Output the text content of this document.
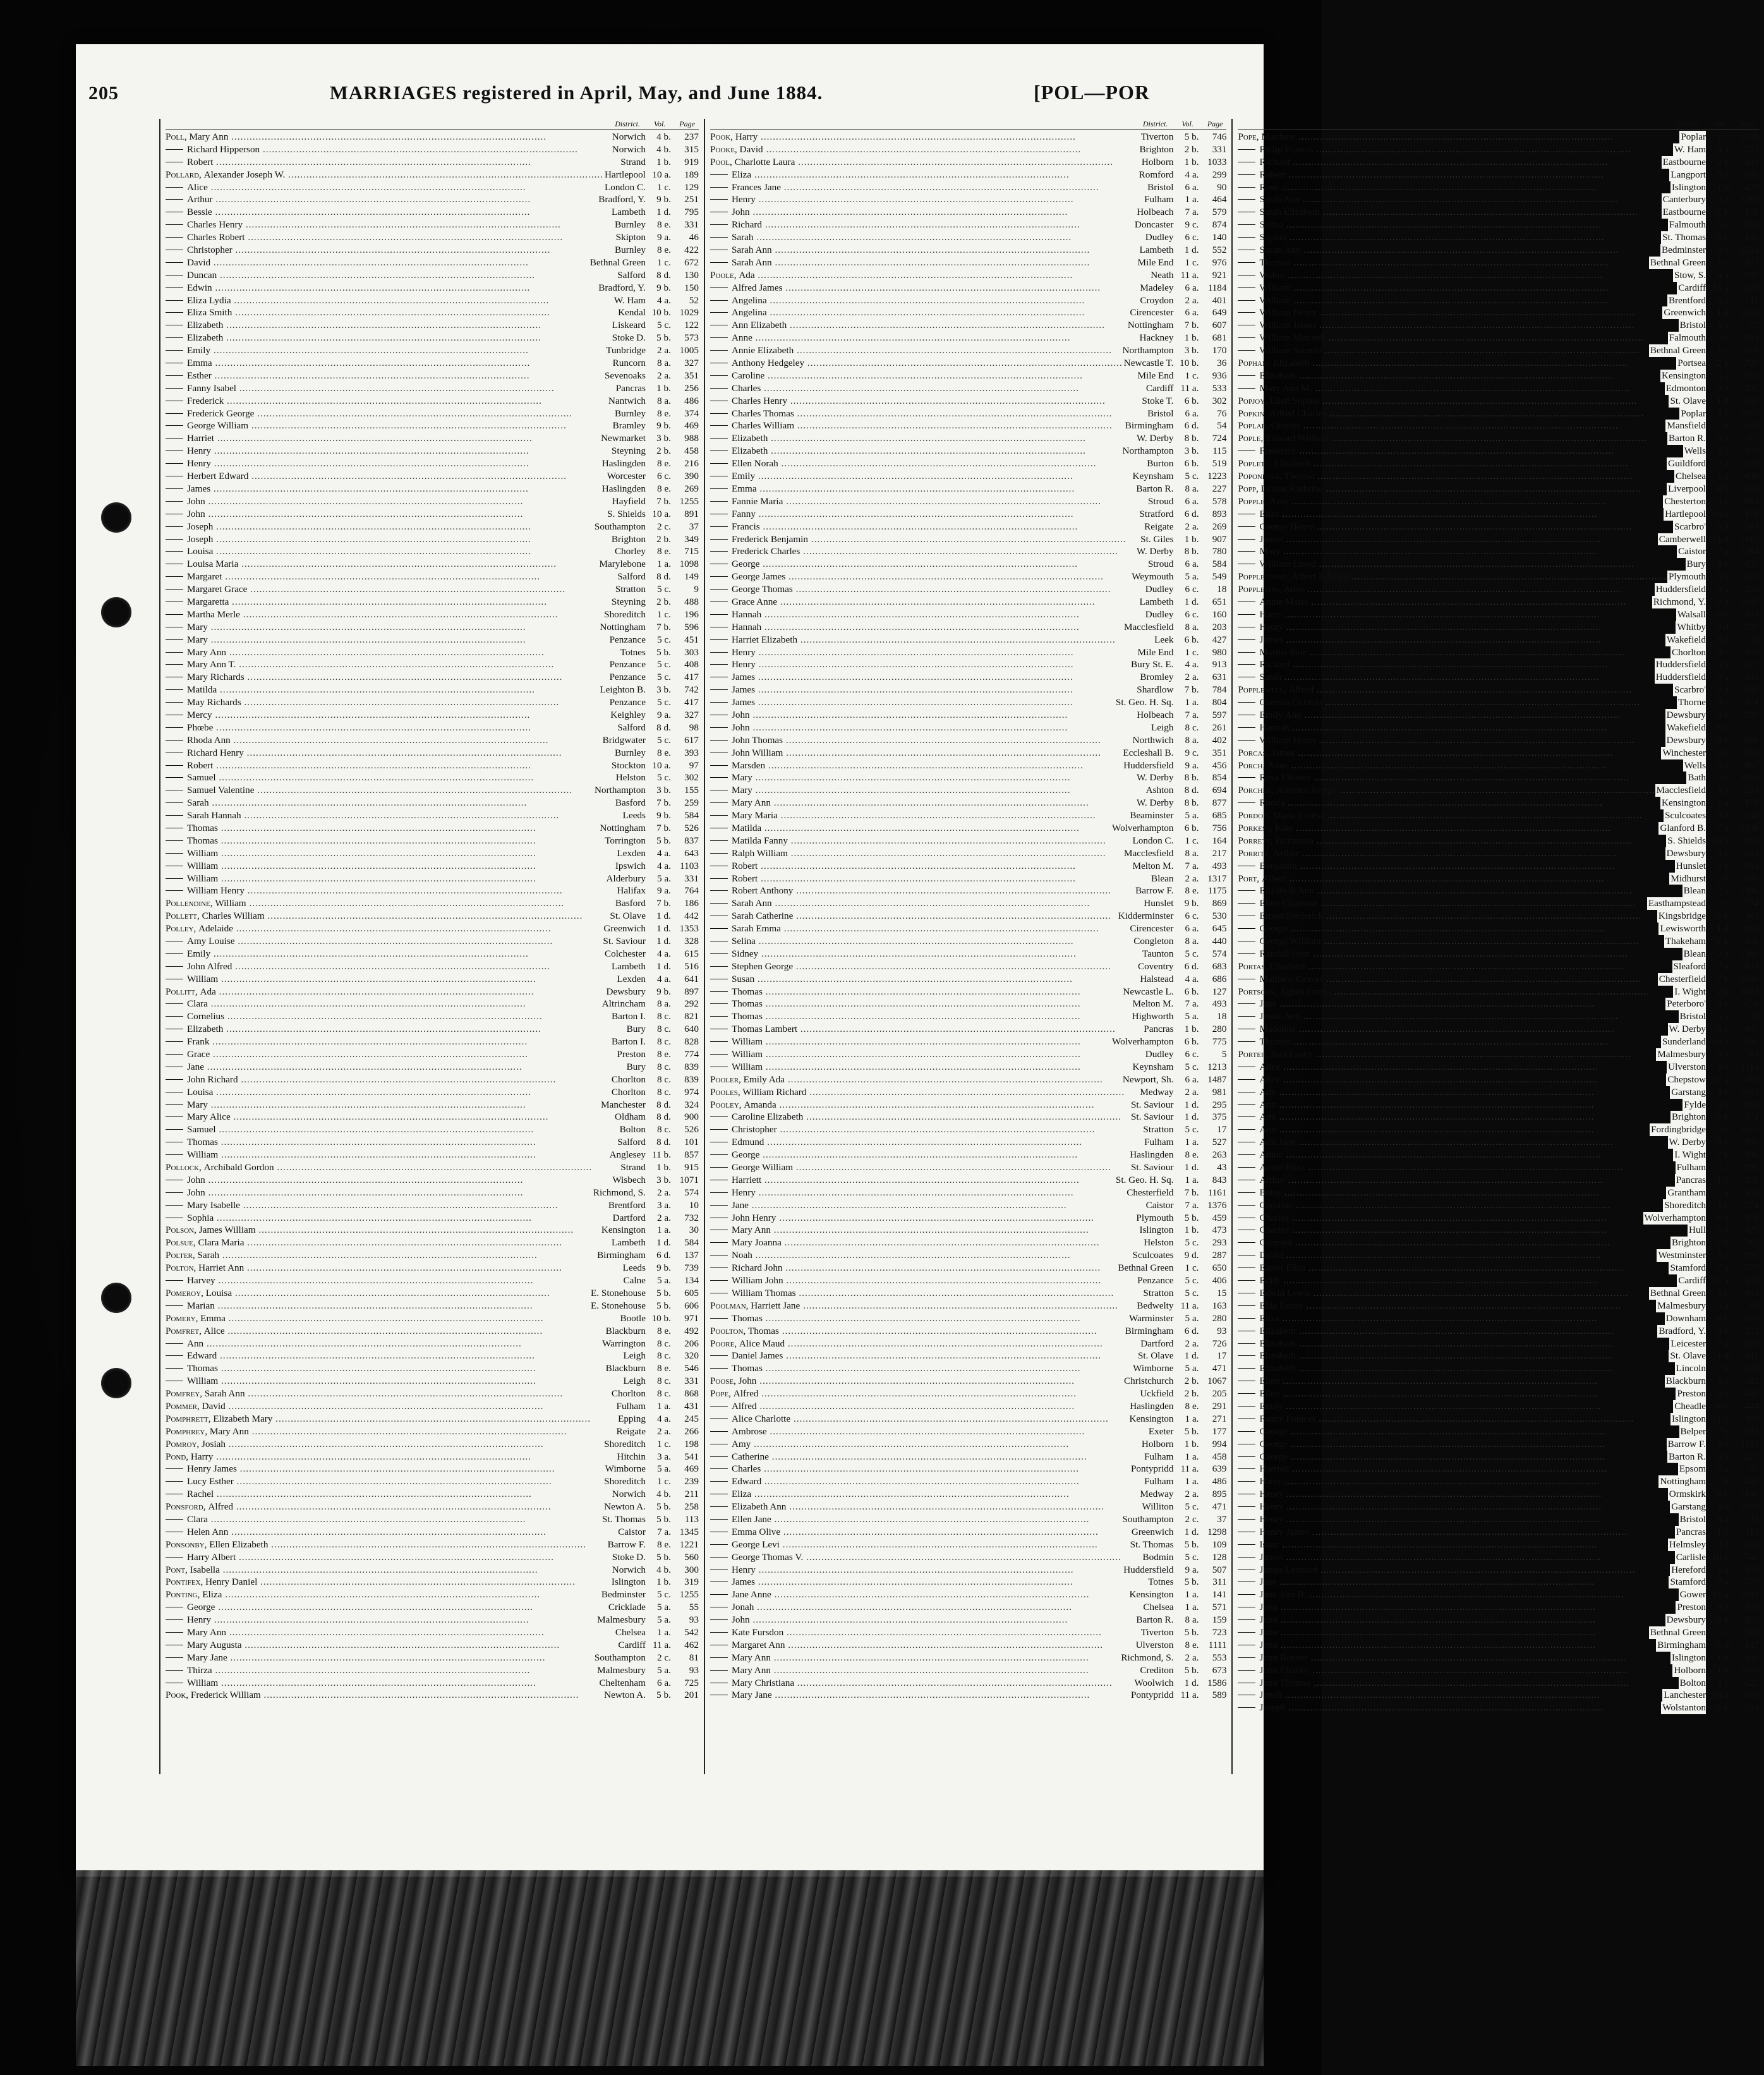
205	MARRIAGES registered in April, May, and June 1884.	[POL—POR
District. Vol. Page
Poll, Mary Ann .....	Norwich	4 b.	237
Richard Hipperson .....	Norwich	4 b.	315
Robert .....	Strand	1 b.	919
Pollard, Alexander Joseph W. .....	Hartlepool 10 a.	189
Alice .....	London C.	1 c.	129
Arthur .....	Bradford, Y.	9 b.	251
Bessie .....	Lambeth	1 d.	795
Charles Henry .....	Burnley	8 e.	331
Charles Robert .....	Skipton	9 a.	46
Christopher .....	Burnley	8 e.	422
David .....	Bethnal Green	1 c.	672
Duncan .....	Salford	8 d.	130
Edwin .....	Bradford, Y.	9 b.	150
Eliza Lydia .....	W. Ham	4 a.	52
Eliza Smith .....	Kendal 10 b. 1029
Elizabeth .....	Liskeard	5 c.	122
Elizabeth .....	Stoke D.	5 b.	573
Emily .....	Tunbridge	2 a. 1005
Emma .....	Runcorn	8 a.	327
Esther .....	Sevenoaks	2 a.	351
Fanny Isabel .....	Pancras	1 b.	256
Frederick .....	Nantwich	8 a.	486
Frederick George .....	Burnley	8 e.	374
George William .....	Bramley	9 b.	469
Harriet .....	Newmarket	3 b.	988
Henry .....	Steyning	2 b.	458
Henry .....	Haslingden	8 e.	216
Herbert Edward .....	Worcester	6 c.	390
James .....	Haslingden	8 e.	269
John .....	Hayfield	7 b. 1255
John .....	S. Shields 10 a.	891
Joseph .....	Southampton	2 c.	37
Joseph .....	Brighton	2 b.	349
Louisa .....	Chorley	8 e.	715
Louisa Maria .....	Marylebone	1 a. 1098
Margaret .....	Salford	8 d.	149
Margaret Grace .....	Stratton	5 c.	9
Margaretta .....	Steyning	2 b.	488
Martha Merle .....	Shoreditch	1 c.	196
Mary .....	Nottingham	7 b.	596
Mary .....	Penzance	5 c.	451
Mary Ann .....	Totnes	5 b.	303
Mary Ann T. .....	Penzance	5 c.	408
Mary Richards .....	Penzance	5 c.	417
Matilda .....	Leighton B.	3 b.	742
May Richards .....	Penzance	5 c.	417
Mercy .....	Keighley	9 a.	327
Phœbe .....	Salford	8 d.	98
Rhoda Ann .....	Bridgwater	5 c.	617
Richard Henry .....	Burnley	8 e.	393
Robert .....	Stockton 10 a.	97
Samuel .....	Helston	5 c.	302
Samuel Valentine .....	Northampton	3 b.	155
Sarah .....	Basford	7 b.	259
Sarah Hannah .....	Leeds	9 b.	584
Thomas .....	Nottingham	7 b.	526
Thomas .....	Torrington	5 b.	837
William .....	Lexden	4 a.	643
William .....	Ipswich	4 a. 1103
William .....	Alderbury	5 a.	331
William Henry .....	Halifax	9 a.	764
Pollendine, William .....	Basford	7 b.	186
Pollett, Charles William .....	St. Olave	1 d.	442
Polley, Adelaide .....	Greenwich	1 d. 1353
Amy Louise .....	St. Saviour	1 d.	328
Emily .....	Colchester	4 a.	615
John Alfred .....	Lambeth	1 d.	516
William .....	Lexden	4 a.	641
Pollitt, Ada .....	Dewsbury	9 b.	897
Clara .....	Altrincham	8 a.	292
Cornelius .....	Barton I.	8 c.	821
Elizabeth .....	Bury	8 c.	640
Frank .....	Barton I.	8 c.	828
Grace .....	Preston	8 e.	774
Jane .....	Bury	8 c.	839
John Richard .....	Chorlton	8 c.	839
Louisa .....	Chorlton	8 c.	974
Mary .....	Manchester	8 d.	324
Mary Alice .....	Oldham	8 d.	900
Samuel .....	Bolton	8 c.	526
Thomas .....	Salford	8 d.	101
William .....	Anglesey 11 b.	857
Pollock, Archibald Gordon .....	Strand	1 b.	915
John .....	Wisbech	3 b. 1071
John .....	Richmond, S.	2 a.	574
Mary Isabelle .....	Brentford	3 a.	10
Sophia .....	Dartford	2 a.	732
Polson, James William .....	Kensington	1 a.	30
Polsue, Clara Maria .....	Lambeth	1 d.	584
Polter, Sarah .....	Birmingham	6 d.	137
Polton, Harriet Ann .....	Leeds	9 b.	739
Harvey .....	Calne	5 a.	134
Pomeroy, Louisa .....	E. Stonehouse	5 b.	605
Marian .....	E. Stonehouse	5 b.	606
Pomery, Emma .....	Bootle 10 b.	971
Pomfret, Alice .....	Blackburn	8 e.	492
Ann .....	Warrington	8 c.	206
Edward .....	Leigh	8 c.	320
Thomas .....	Blackburn	8 e.	546
William .....	Leigh	8 c.	331
Pomfrey, Sarah Ann .....	Chorlton	8 c.	868
Pommer, David .....	Fulham	1 a.	431
Pomphrett, Elizabeth Mary .....	Epping	4 a.	245
Pomphrey, Mary Ann .....	Reigate	2 a.	266
Pomroy, Josiah .....	Shoreditch	1 c.	198
Pond, Harry .....	Hitchin	3 a.	541
Henry James .....	Wimborne	5 a.	469
Lucy Esther .....	Shoreditch	1 c.	239
Rachel .....	Norwich	4 b.	211
Ponsford, Alfred .....	Newton A.	5 b.	258
Clara .....	St. Thomas	5 b.	113
Helen Ann .....	Caistor	7 a. 1345
Ponsonby, Ellen Elizabeth .....	Barrow F.	8 e. 1221
Harry Albert .....	Stoke D.	5 b.	560
Pont, Isabella .....	Norwich	4 b.	300
Pontifex, Henry Daniel .....	Islington	1 b.	319
Ponting, Eliza .....	Bedminster	5 c. 1255
George .....	Cricklade	5 a.	55
Henry .....	Malmesbury	5 a.	93
Mary Ann .....	Chelsea	1 a.	542
Mary Augusta .....	Cardiff 11 a.	462
Mary Jane .....	Southampton	2 c.	81
Thirza .....	Malmesbury	5 a.	93
William .....	Cheltenham	6 a.	725
Pook, Frederick William .....	Newton A.	5 b.	201
District. Vol. Page
Pook, Harry .....	Tiverton	5 b.	746
Pooke, David .....	Brighton	2 b.	331
Pool, Charlotte Laura .....	Holborn	1 b. 1033
Eliza .....	Romford	4 a.	299
Frances Jane .....	Bristol	6 a.	90
Henry .....	Fulham	1 a.	464
John .....	Holbeach	7 a.	579
Richard .....	Doncaster	9 c.	874
Sarah .....	Dudley	6 c.	140
Sarah Ann .....	Lambeth	1 d.	552
Sarah Ann .....	Mile End	1 c.	976
Poole, Ada .....	Neath 11 a.	921
Alfred James .....	Madeley	6 a. 1184
Angelina .....	Croydon	2 a.	401
Angelina .....	Cirencester	6 a.	649
Ann Elizabeth .....	Nottingham	7 b.	607
Anne .....	Hackney	1 b.	681
Annie Elizabeth .....	Northampton	3 b.	170
Anthony Hedgeley .....	Newcastle T. 10 b.	36
Caroline .....	Mile End	1 c.	936
Charles .....	Cardiff 11 a.	533
Charles Henry .....	Stoke T.	6 b.	302
Charles Thomas .....	Bristol	6 a.	76
Charles William .....	Birmingham	6 d.	54
Elizabeth .....	W. Derby	8 b.	724
Elizabeth .....	Northampton	3 b.	115
Ellen Norah .....	Burton	6 b.	519
Emily .....	Keynsham	5 c. 1223
Emma .....	Barton R.	8 a.	227
Fannie Maria .....	Stroud	6 a.	578
Fanny .....	Stratford	6 d.	893
Francis .....	Reigate	2 a.	269
Frederick Benjamin .....	St. Giles	1 b.	907
Frederick Charles .....	W. Derby	8 b.	780
George .....	Stroud	6 a.	584
George James .....	Weymouth	5 a.	549
George Thomas .....	Dudley	6 c.	18
Grace Anne .....	Lambeth	1 d.	651
Hannah .....	Dudley	6 c.	160
Hannah .....	Macclesfield	8 a.	203
Harriet Elizabeth .....	Leek	6 b.	427
Henry .....	Mile End	1 c.	980
Henry .....	Bury St. E.	4 a.	913
James .....	Bromley	2 a.	631
James .....	Shardlow	7 b.	784
James .....	St. Geo. H. Sq.	1 a.	804
John .....	Holbeach	7 a.	597
John .....	Leigh	8 c.	261
John Thomas .....	Northwich	8 a.	402
John William .....	Eccleshall B.	9 c.	351
Marsden .....	Huddersfield	9 a.	456
Mary .....	W. Derby	8 b.	854
Mary .....	Ashton	8 d.	694
Mary Ann .....	W. Derby	8 b.	877
Mary Maria .....	Beaminster	5 a.	685
Matilda .....	Wolverhampton	6 b.	756
Matilda Fanny .....	London C.	1 c.	164
Ralph William .....	Macclesfield	8 a.	217
Robert .....	Melton M.	7 a.	493
Robert .....	Blean	2 a. 1317
Robert Anthony .....	Barrow F.	8 e. 1175
Sarah Ann .....	Hunslet	9 b.	869
Sarah Catherine .....	Kidderminster	6 c.	530
Sarah Emma .....	Cirencester	6 a.	645
Selina .....	Congleton	8 a.	440
Sidney .....	Taunton	5 c.	574
Stephen George .....	Coventry	6 d.	683
Susan .....	Halstead	4 a.	686
Thomas .....	Newcastle L.	6 b.	127
Thomas .....	Melton M.	7 a.	493
Thomas .....	Highworth	5 a.	18
Thomas Lambert .....	Pancras	1 b.	280
William .....	Wolverhampton	6 b.	775
William .....	Dudley	6 c.	5
William .....	Keynsham	5 c. 1213
Pooler, Emily Ada .....	Newport, Sh.	6 a. 1487
Pooles, William Richard .....	Medway	2 a.	981
Pooley, Amanda .....	St. Saviour	1 d.	295
Caroline Elizabeth .....	St. Saviour	1 d.	375
Christopher .....	Stratton	5 c.	17
Edmund .....	Fulham	1 a.	527
George .....	Haslingden	8 e.	263
George William .....	St. Saviour	1 d.	43
Harriett .....	St. Geo. H. Sq.	1 a.	843
Henry .....	Chesterfield	7 b. 1161
Jane .....	Caistor	7 a. 1376
John Henry .....	Plymouth	5 b.	459
Mary Ann .....	Islington	1 b.	473
Mary Joanna .....	Helston	5 c.	293
Noah .....	Sculcoates	9 d.	287
Richard John .....	Bethnal Green	1 c.	650
William John .....	Penzance	5 c.	406
William Thomas .....	Stratton	5 c.	15
Poolman, Harriett Jane .....	Bedwelty 11 a.	163
Thomas .....	Warminster	5 a.	280
Poolton, Thomas .....	Birmingham	6 d.	93
Poore, Alice Maud .....	Dartford	2 a.	726
Daniel James .....	St. Olave	1 d.	17
Thomas .....	Wimborne	5 a.	471
Poose, John .....	Christchurch	2 b. 1067
Pope, Alfred .....	Uckfield	2 b.	205
Alfred .....	Haslingden	8 e.	291
Alice Charlotte .....	Kensington	1 a.	271
Ambrose .....	Exeter	5 b.	177
Amy .....	Holborn	1 b.	994
Catherine .....	Fulham	1 a.	458
Charles .....	Pontypridd 11 a.	639
Edward .....	Fulham	1 a.	486
Eliza .....	Medway	2 a.	895
Elizabeth Ann .....	Williton	5 c.	471
Ellen Jane .....	Southampton	2 c.	37
Emma Olive .....	Greenwich	1 d. 1298
George Levi .....	St. Thomas	5 b.	109
George Thomas V. .....	Bodmin	5 c.	128
Henry .....	Huddersfield	9 a.	507
James .....	Totnes	5 b.	311
Jane Anne .....	Kensington	1 a.	141
Jonah .....	Chelsea	1 a.	571
John .....	Barton R.	8 a.	159
Kate Fursdon .....	Tiverton	5 b.	723
Margaret Ann .....	Ulverston	8 e.	1111
Mary Ann .....	Richmond, S.	2 a.	553
Mary Ann .....	Crediton	5 b.	673
Mary Christiana .....	Woolwich	1 d. 1586
Mary Jane .....	Pontypridd 11 a.	589
District. Vol. Page
Pope, Matthew .....	Poplar	1 c. 1176
Philip Francis .....	W. Ham	4 a.	223
Richard .....	Eastbourne	2 b.	131
Robert .....	Langport	5 c.	695
Rose .....	Islington	1 b.	472
Sarah Ann .....	Canterbury	2 a. 1299
Sarah Elizabeth .....	Eastbourne	2 b.	135
Selina .....	Falmouth	5 c.	263
Sophia .....	St. Thomas	5 b.	135
Susan Ann .....	Bedminster	5 c. 1254
Thomas .....	Bethnal Green	1 c.	323
Walter .....	Stow, S.	4 a.	957
William .....	Cardiff 11 a.	416
William .....	Brentford	3 a.	111
William Henry .....	Greenwich	1 d. 1318
William James .....	Bristol	6 a.	77
William Mitchell .....	Falmouth	5 c.	281
William Samuel .....	Bethnal Green	1 c.	378
Popham, Elizabeth .....	Portsea	2 b.	720
Elizabeth .....	Kensington	1 a.	161
Mary Ann M. .....	Edmonton	3 a.	297
Popjoy, Ellen Sophia .....	St. Olave	1 d.	469
Popkin, Alfred Charles .....	Poplar	1 c. 1067
Poplar, Charles .....	Mansfield	7 b.	145
Pople, Edward William .....	Barton R.	8 a.	167
Frederick .....	Wells	5 c.	957
Poplett, Elizabeth .....	Guildford	2 a.	133
Poponessa, Theresa .....	Chelsea	1 a.	638
Popp, Louise Kathrine .....	Liverpool	8 b.	313
Popple, Amy .....	Chesterton	3 b.	883
Eliza .....	Hartlepool 10 a.	176
George Henry .....	Scarbro'	9 d.	584
James .....	Camberwell	1 d. 1165
Mary .....	Caistor	7 a. 1394
William Lloyd .....	Bury	8 c.	635
Popplestone, Albert Edward .....	Plymouth	5 b.	435
Poppleton, Anne .....	Huddersfield	9 a.	529
Annie Maria .....	Richmond, Y.	9 d. 1045
Harry .....	Walsall	6 b.	923
Henry .....	Whitby	9 d.	739
James .....	Wakefield	9 c.	45
Martha Jane .....	Chorlton	8 c.	909
Richard .....	Huddersfield	9 a.	415
Sarah .....	Huddersfield	9 a.	431
Popplewell, Alfred .....	Scarbro'	9 d.	548
Claretta Octavia .....	Thorne	9 c.	924
Emily Ann .....	Dewsbury	9 b.	795
Hannah .....	Wakefield	9 c.	15
William Henry .....	Dewsbury	9 b.	866
Porcas, James .....	Winchester	2 c.	206
Porch, Anne .....	Wells	5 c.	967
Rosa Eleanor .....	Bath	5 c. 1093
Porcher, Amedee Joseph .....	Macclesfield	8 a.	233
Rhoda .....	Kensington	1 a.	179
Pordon, Maria Louisa .....	Sculcoates	9 d.	240
Porkess, Kate .....	Glanford B.	7 a. 1538
Porrett, Brittannia .....	S. Shields 10 a.	963
Porritt, Arthur .....	Dewsbury	9 b.	813
Benjamin .....	Hunslet	9 b.	354
Port, Albert .....	Midhurst	2 b.	681
Elizabeth Ann .....	Blean	2 a. 1306
Ellen Charlotte .....	Easthampstead	2 c.	774
Ernest Frederick .....	Kingsbridge	5 b.	363
George .....	Lewisworth	1 d.	910
George William .....	Thakeham	2 b.	505
Randall John .....	Blean	2 a. 1306
Portas, Charlotte .....	Sleaford	7 a.	823
Matthew Graves .....	Chesterfield	7 b. 1086
Portsous, Agnes Emma .....	I. Wight	2 b. 1083
Jane .....	Peterboro'	3 b.	458
Jessie Ann .....	Bristol	6 a.	36
Madeline .....	W. Derby	8 b.	697
Thomas .....	Sunderland 10 a.	691
Porter, Ada Fanny .....	Malmesbury	5 a.	83
Alice .....	Ulverston	8 e. 1114
Alice .....	Chepstow 11 a.	459
Ann .....	Garstang	8 e. 1003
Ann .....	Fylde	8 e.	983
Ann .....	Brighton	2 b.	371
Ann .....	Fordingbridge	2 c. 1115
Ann Jane .....	W. Derby	8 b.	596
Annie .....	I. Wight	2 b.	986
Annie Eliza .....	Fulham	1 a.	396
Arthur .....	Pancras	1 b.	292
Betsy .....	Grantham	7 a.	936
Caroline .....	Shoreditch	1 c.	774
Charles .....	Wolverhampton	6 b.	858
Charles .....	Hull	9 d.	425
Clement .....	Brighton	2 b.	362
David .....	Westminster	1 a.	890
Easter Eliza .....	Stamford	7 a.	577
Edith .....	Cardiff 11 a.	435
Edwin Lewis .....	Bethnal Green	1 c.	604
Elda Fanny .....	Malmesbury	5 a.	85
Eliza .....	Downham	4 b.	629
Elizabeth .....	Bradford, Y.	9 b.	252
Elizabeth .....	Leicester	7 a.	383
Elizabeth .....	St. Olave	1 d.	411
Elizabeth .....	Lincoln	7 a.	635
Ellen .....	Blackburn	8 e.	483
Ellen .....	Preston	8 e.	848
Emily .....	Cheadle	6 b.	444
Fanny Frances .....	Islington	1 b.	369
George .....	Belper	7 b. 1011
George .....	Barrow F.	8 e. 1187
George .....	Barton R.	8 a.	221
Harriett .....	Epsom	2 a.	35
Harry .....	Nottingham	7 b.	342
Henry .....	Ormskirk	8 b. 1148
Henry .....	Garstang	8 e. 1016
Henry .....	Bristol	6 a.	111
Henry James .....	Pancras	1 b.	117
Isaac .....	Helmsley	9 d.	693
James .....	Carlisle 10 b.	740
James Leonard .....	Hereford	6 a.	935
Jane .....	Stamford	7 a.	577
Jane Ann B. .....	Gower 11 a. 1091
John .....	Preston	8 e.	920
John .....	Dewsbury	9 b.	859
John .....	Bethnal Green	1 c.	389
John .....	Birmingham	6 d.	147
John Bonnet .....	Islington	1 b.	406
John Charles .....	Holborn	1 b. 1105
John Thomas .....	Bolton	8 c.	425
Jonah .....	Lanchester 10 a.	413
Joseph .....	Wolstanton	6 b.	224
